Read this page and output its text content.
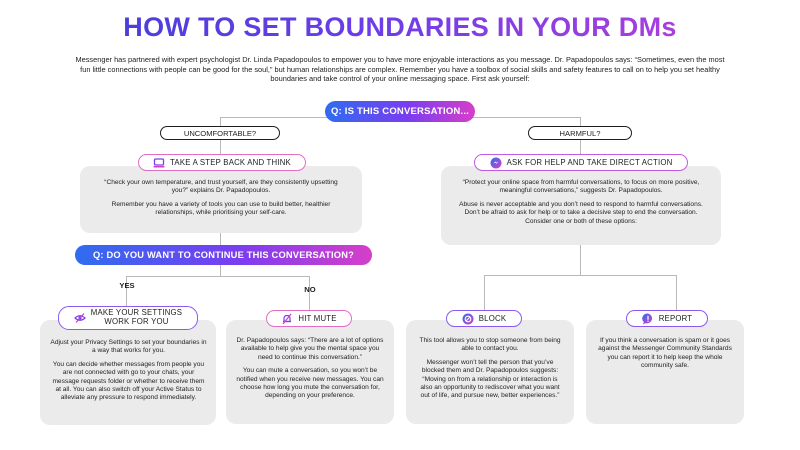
HOW TO SET BOUNDARIES IN YOUR DMs
Messenger has partnered with expert psychologist Dr. Linda Papadopoulos to empower you to have more enjoyable interactions as you message. Dr. Papadopoulos says: “Sometimes, even the most fun little connections with people can be good for the soul,” but human relationships are complex. Remember you have a toolbox of social skills and safety features to call on to help you set healthy boundaries and take control of your online messaging space. First ask yourself:
Q: IS THIS CONVERSATION...
UNCOMFORTABLE?	HARMFUL?

“Check your own temperature, and trust yourself, are they consistently upsetting you?” explains Dr. Papadopoulos.

Remember you have a variety of tools you can use to build better, healthier relationships, while prioritising your self-care.

TAKE A STEP BACK AND THINK

“Protect your online space from harmful conversations, to focus on more positive, meaningful conversations,” suggests Dr. Papadopoulos.

Abuse is never acceptable and you don’t need to respond to harmful conversations. Don’t be afraid to ask for help or to take a decisive step to end the conversation. Consider one or both of these options:

ASK FOR HELP AND TAKE DIRECT ACTION
Q: DO YOU WANT TO CONTINUE THIS CONVERSATION?
YES	NO

Adjust your Privacy Settings to set your boundaries in a way that works for you.

You can decide whether messages from people you are not connected with go to your chats, your message requests folder or whether to receive them at all. You can also switch off your Active Status to alleviate any pressure to respond immediately.

MAKE YOUR SETTINGS
WORK FOR YOU

Dr. Papadopoulos says: “There are a lot of options available to help give you the mental space you need to continue this conversation.”

You can mute a conversation, so you won’t be notified when you receive new messages. You can choose how long you mute the conversation for, depending on your preference.

HIT MUTE

This tool allows you to stop someone from being able to contact you.

Messenger won’t tell the person that you’ve blocked them and Dr. Papadopoulos suggests: “Moving on from a relationship or interaction is also an opportunity to rediscover what you want out of life, and pursue new, better experiences.”

BLOCK

If you think a conversation is spam or it goes against the Messenger Community Standards you can report it to help keep the whole community safe.

REPORT
